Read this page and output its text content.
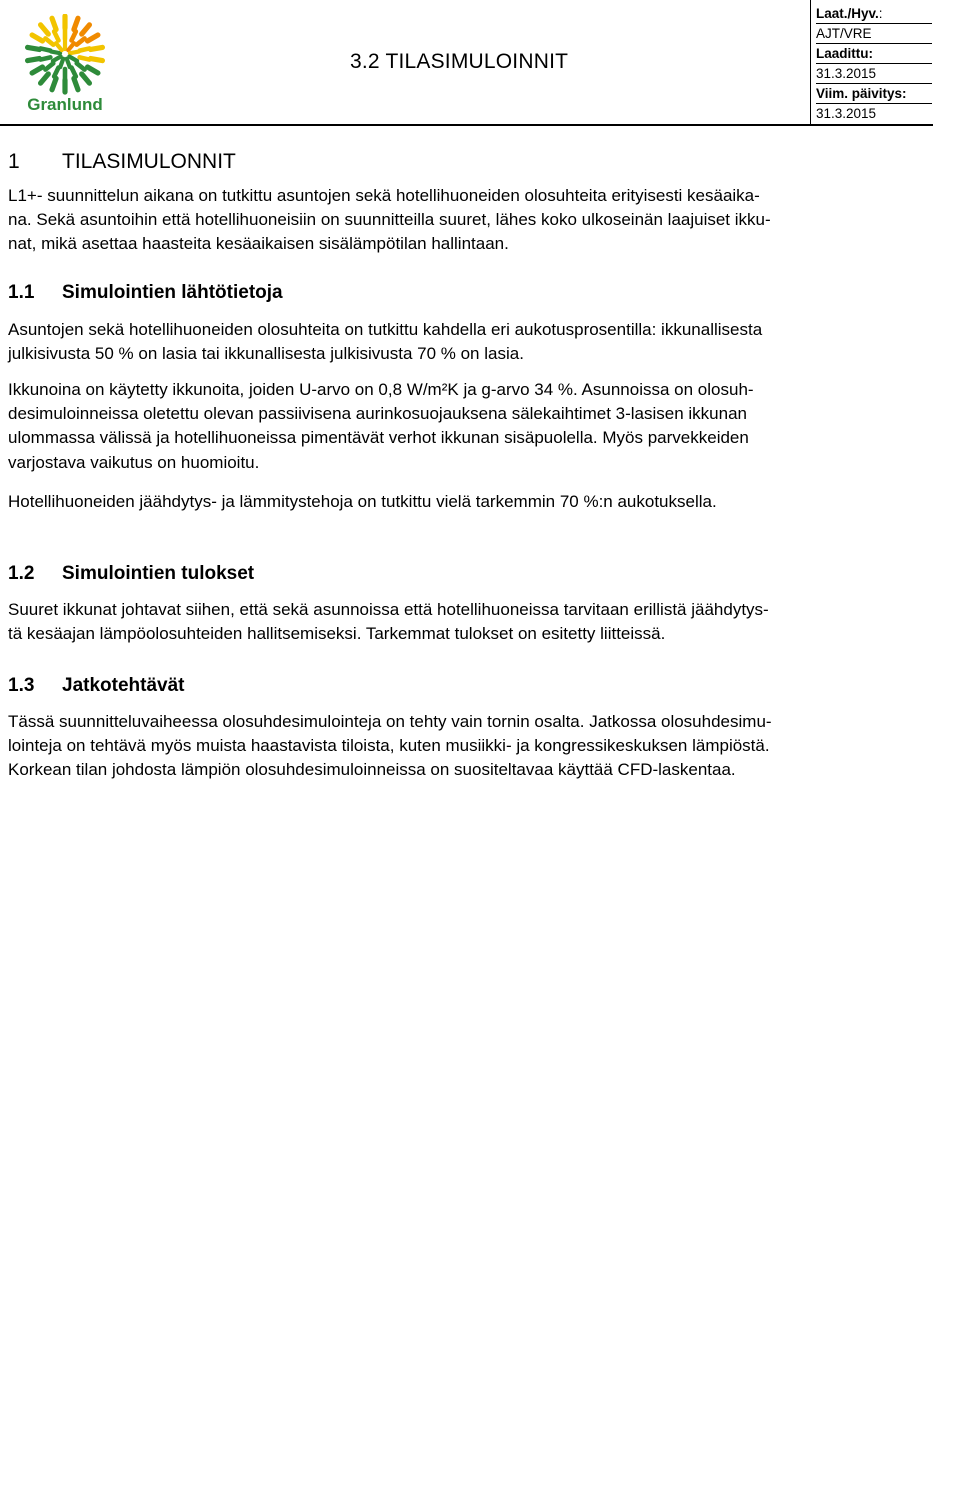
Granlund
3.2 TILASIMULOINNIT
Laat./Hyv.:
AJT/VRE
Laadittu:
31.3.2015
Viim. päivitys:
31.3.2015
1 TILASIMULONNIT

L1+- suunnittelun aikana on tutkittu asuntojen sekä hotellihuoneiden olosuhteita erityisesti kesäaika-
na. Sekä asuntoihin että hotellihuoneisiin on suunnitteilla suuret, lähes koko ulkoseinän laajuiset ikku-
nat, mikä asettaa haasteita kesäaikaisen sisälämpötilan hallintaan.

1.1 Simulointien lähtötietoja

Asuntojen sekä hotellihuoneiden olosuhteita on tutkittu kahdella eri aukotusprosentilla: ikkunallisesta
julkisivusta 50 % on lasia tai ikkunallisesta julkisivusta 70 % on lasia.

Ikkunoina on käytetty ikkunoita, joiden U-arvo on 0,8 W/m²K ja g-arvo 34 %. Asunnoissa on olosuh-
desimuloinneissa oletettu olevan passiivisena aurinkosuojauksena sälekaihtimet 3-lasisen ikkunan
ulommassa välissä ja hotellihuoneissa pimentävät verhot ikkunan sisäpuolella. Myös parvekkeiden
varjostava vaikutus on huomioitu.

Hotellihuoneiden jäähdytys- ja lämmitystehoja on tutkittu vielä tarkemmin 70 %:n aukotuksella.

1.2 Simulointien tulokset

Suuret ikkunat johtavat siihen, että sekä asunnoissa että hotellihuoneissa tarvitaan erillistä jäähdytys-
tä kesäajan lämpöolosuhteiden hallitsemiseksi. Tarkemmat tulokset on esitetty liitteissä.

1.3 Jatkotehtävät

Tässä suunnitteluvaiheessa olosuhdesimulointeja on tehty vain tornin osalta. Jatkossa olosuhdesimu-
lointeja on tehtävä myös muista haastavista tiloista, kuten musiikki- ja kongressikeskuksen lämpiöstä.
Korkean tilan johdosta lämpiön olosuhdesimuloinneissa on suositeltavaa käyttää CFD-laskentaa.
